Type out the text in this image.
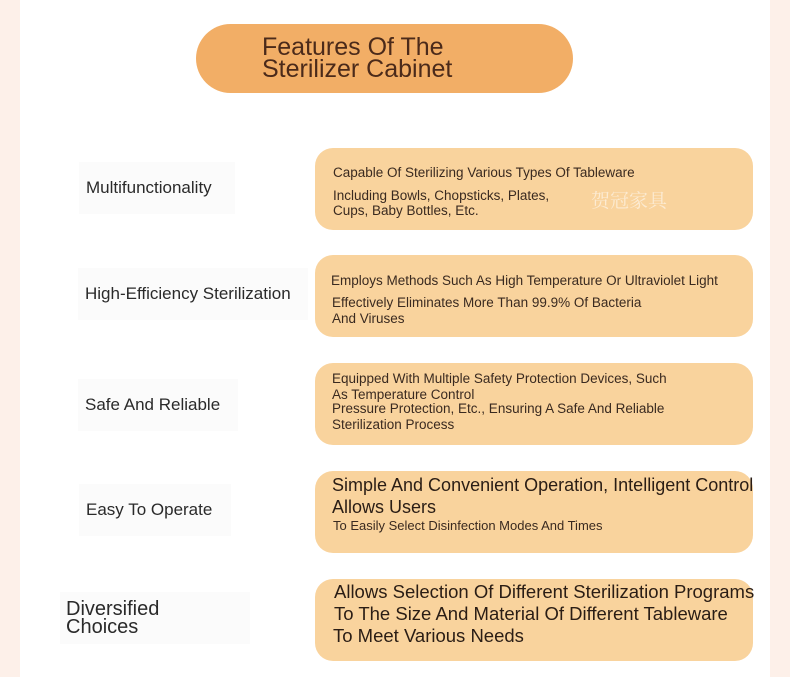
Features Of The
Sterilizer Cabinet
Multifunctionality

Capable Of Sterilizing Various Types Of Tableware

Including Bowls, Chopsticks, Plates,

Cups, Baby Bottles, Etc.	贺冠家具
High-Efficiency Sterilization

Employs Methods Such As High Temperature Or Ultraviolet Light

Effectively Eliminates More Than 99.9% Of Bacteria

And Viruses

Safe And Reliable

Equipped With Multiple Safety Protection Devices, Such

As Temperature Control

Pressure Protection, Etc., Ensuring A Safe And Reliable

Sterilization Process

Easy To Operate

Simple And Convenient Operation, Intelligent Control

Allows Users

To Easily Select Disinfection Modes And Times

Diversified
Choices

Allows Selection Of Different Sterilization Programs

To The Size And Material Of Different Tableware

To Meet Various Needs
